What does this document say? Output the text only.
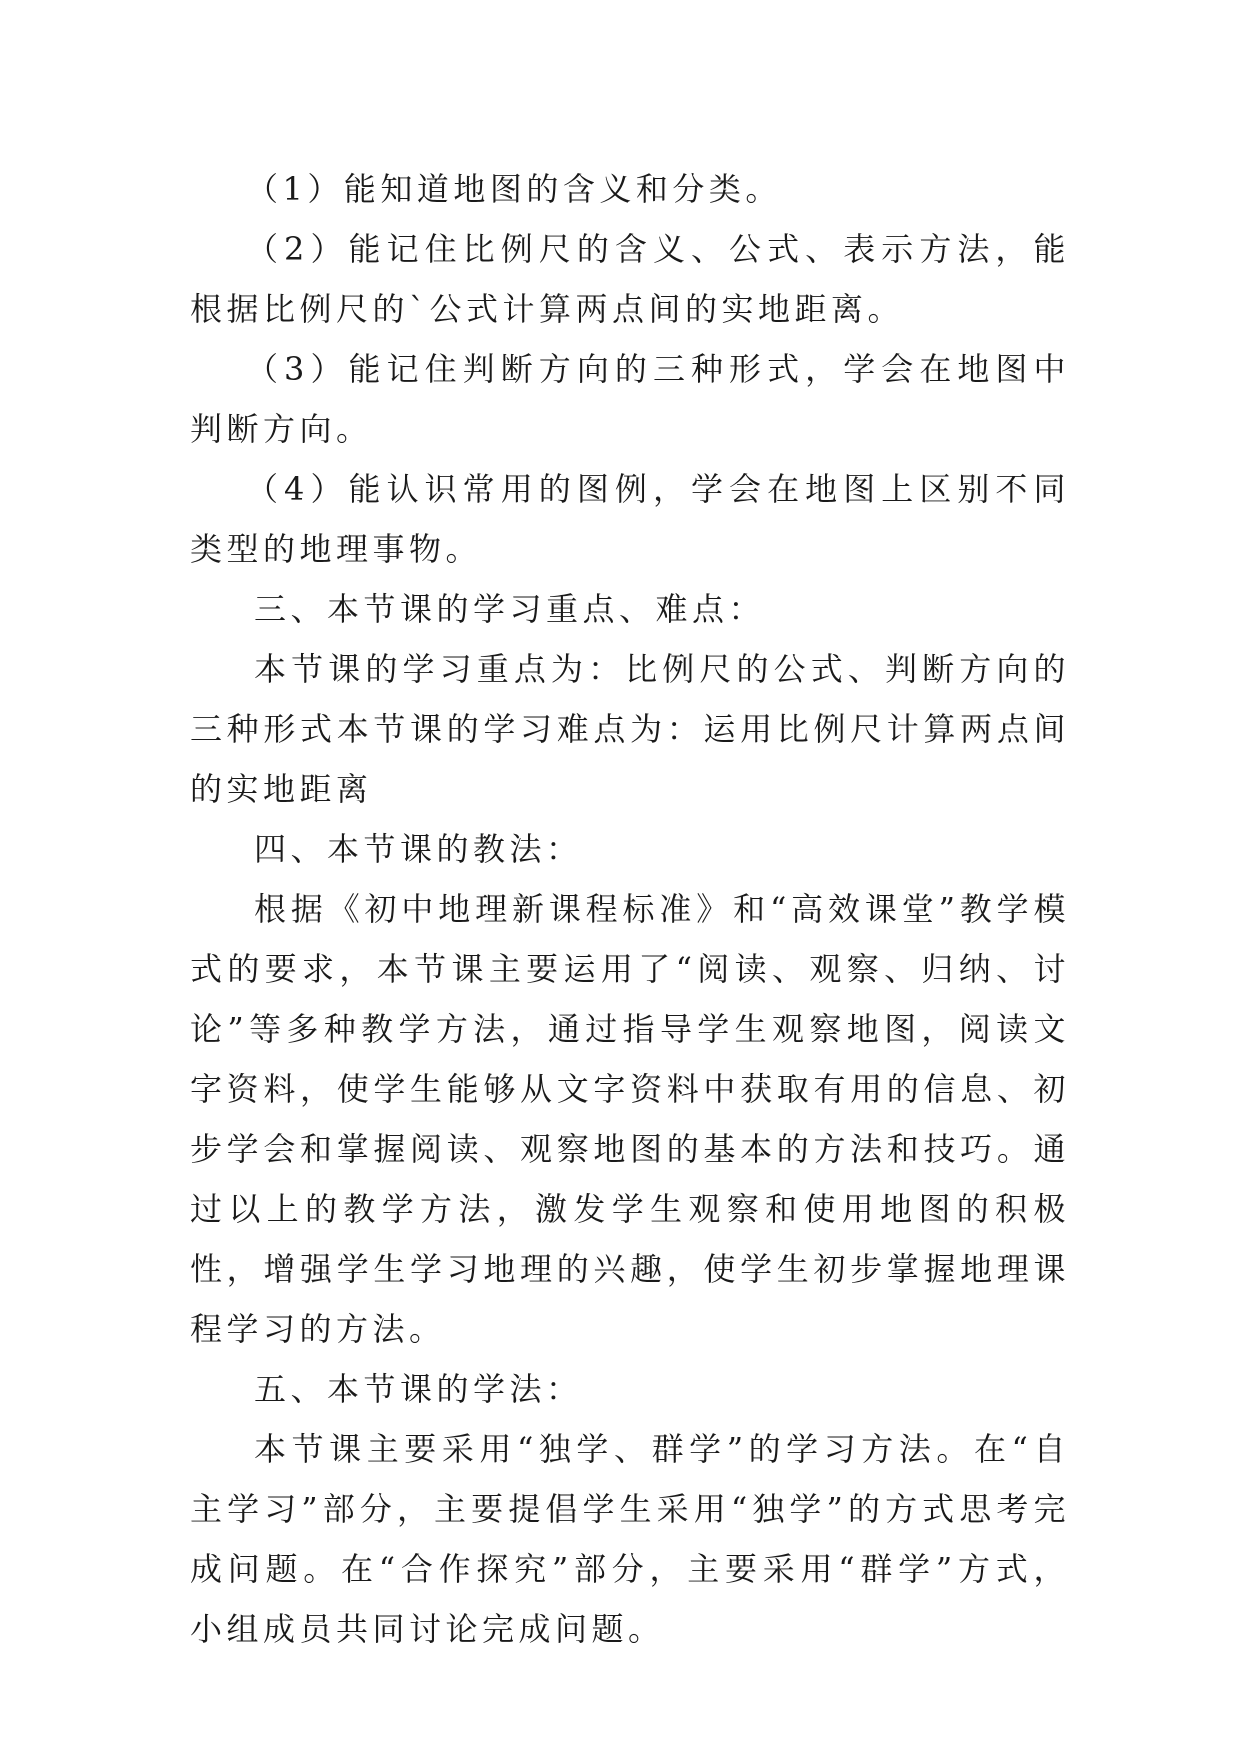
（1）能知道地图的含义和分类。

（2）能记住比例尺的含义、公式、表示方法，能根据比例尺的`公式计算两点间的实地距离。

（3）能记住判断方向的三种形式，学会在地图中判断方向。

（4）能认识常用的图例，学会在地图上区别不同类型的地理事物。

三、本节课的学习重点、难点：

本节课的学习重点为：比例尺的公式、判断方向的三种形式本节课的学习难点为：运用比例尺计算两点间的实地距离

四、本节课的教法：

根据《初中地理新课程标准》和“高效课堂”教学模式的要求，本节课主要运用了“阅读、观察、归纳、讨论”等多种教学方法，通过指导学生观察地图，阅读文字资料，使学生能够从文字资料中获取有用的信息、初步学会和掌握阅读、观察地图的基本的方法和技巧。通过以上的教学方法，激发学生观察和使用地图的积极性，增强学生学习地理的兴趣，使学生初步掌握地理课程学习的方法。

五、本节课的学法：

本节课主要采用“独学、群学”的学习方法。在“自主学习”部分，主要提倡学生采用“独学”的方式思考完成问题。在“合作探究”部分，主要采用“群学”方式，小组成员共同讨论完成问题。
